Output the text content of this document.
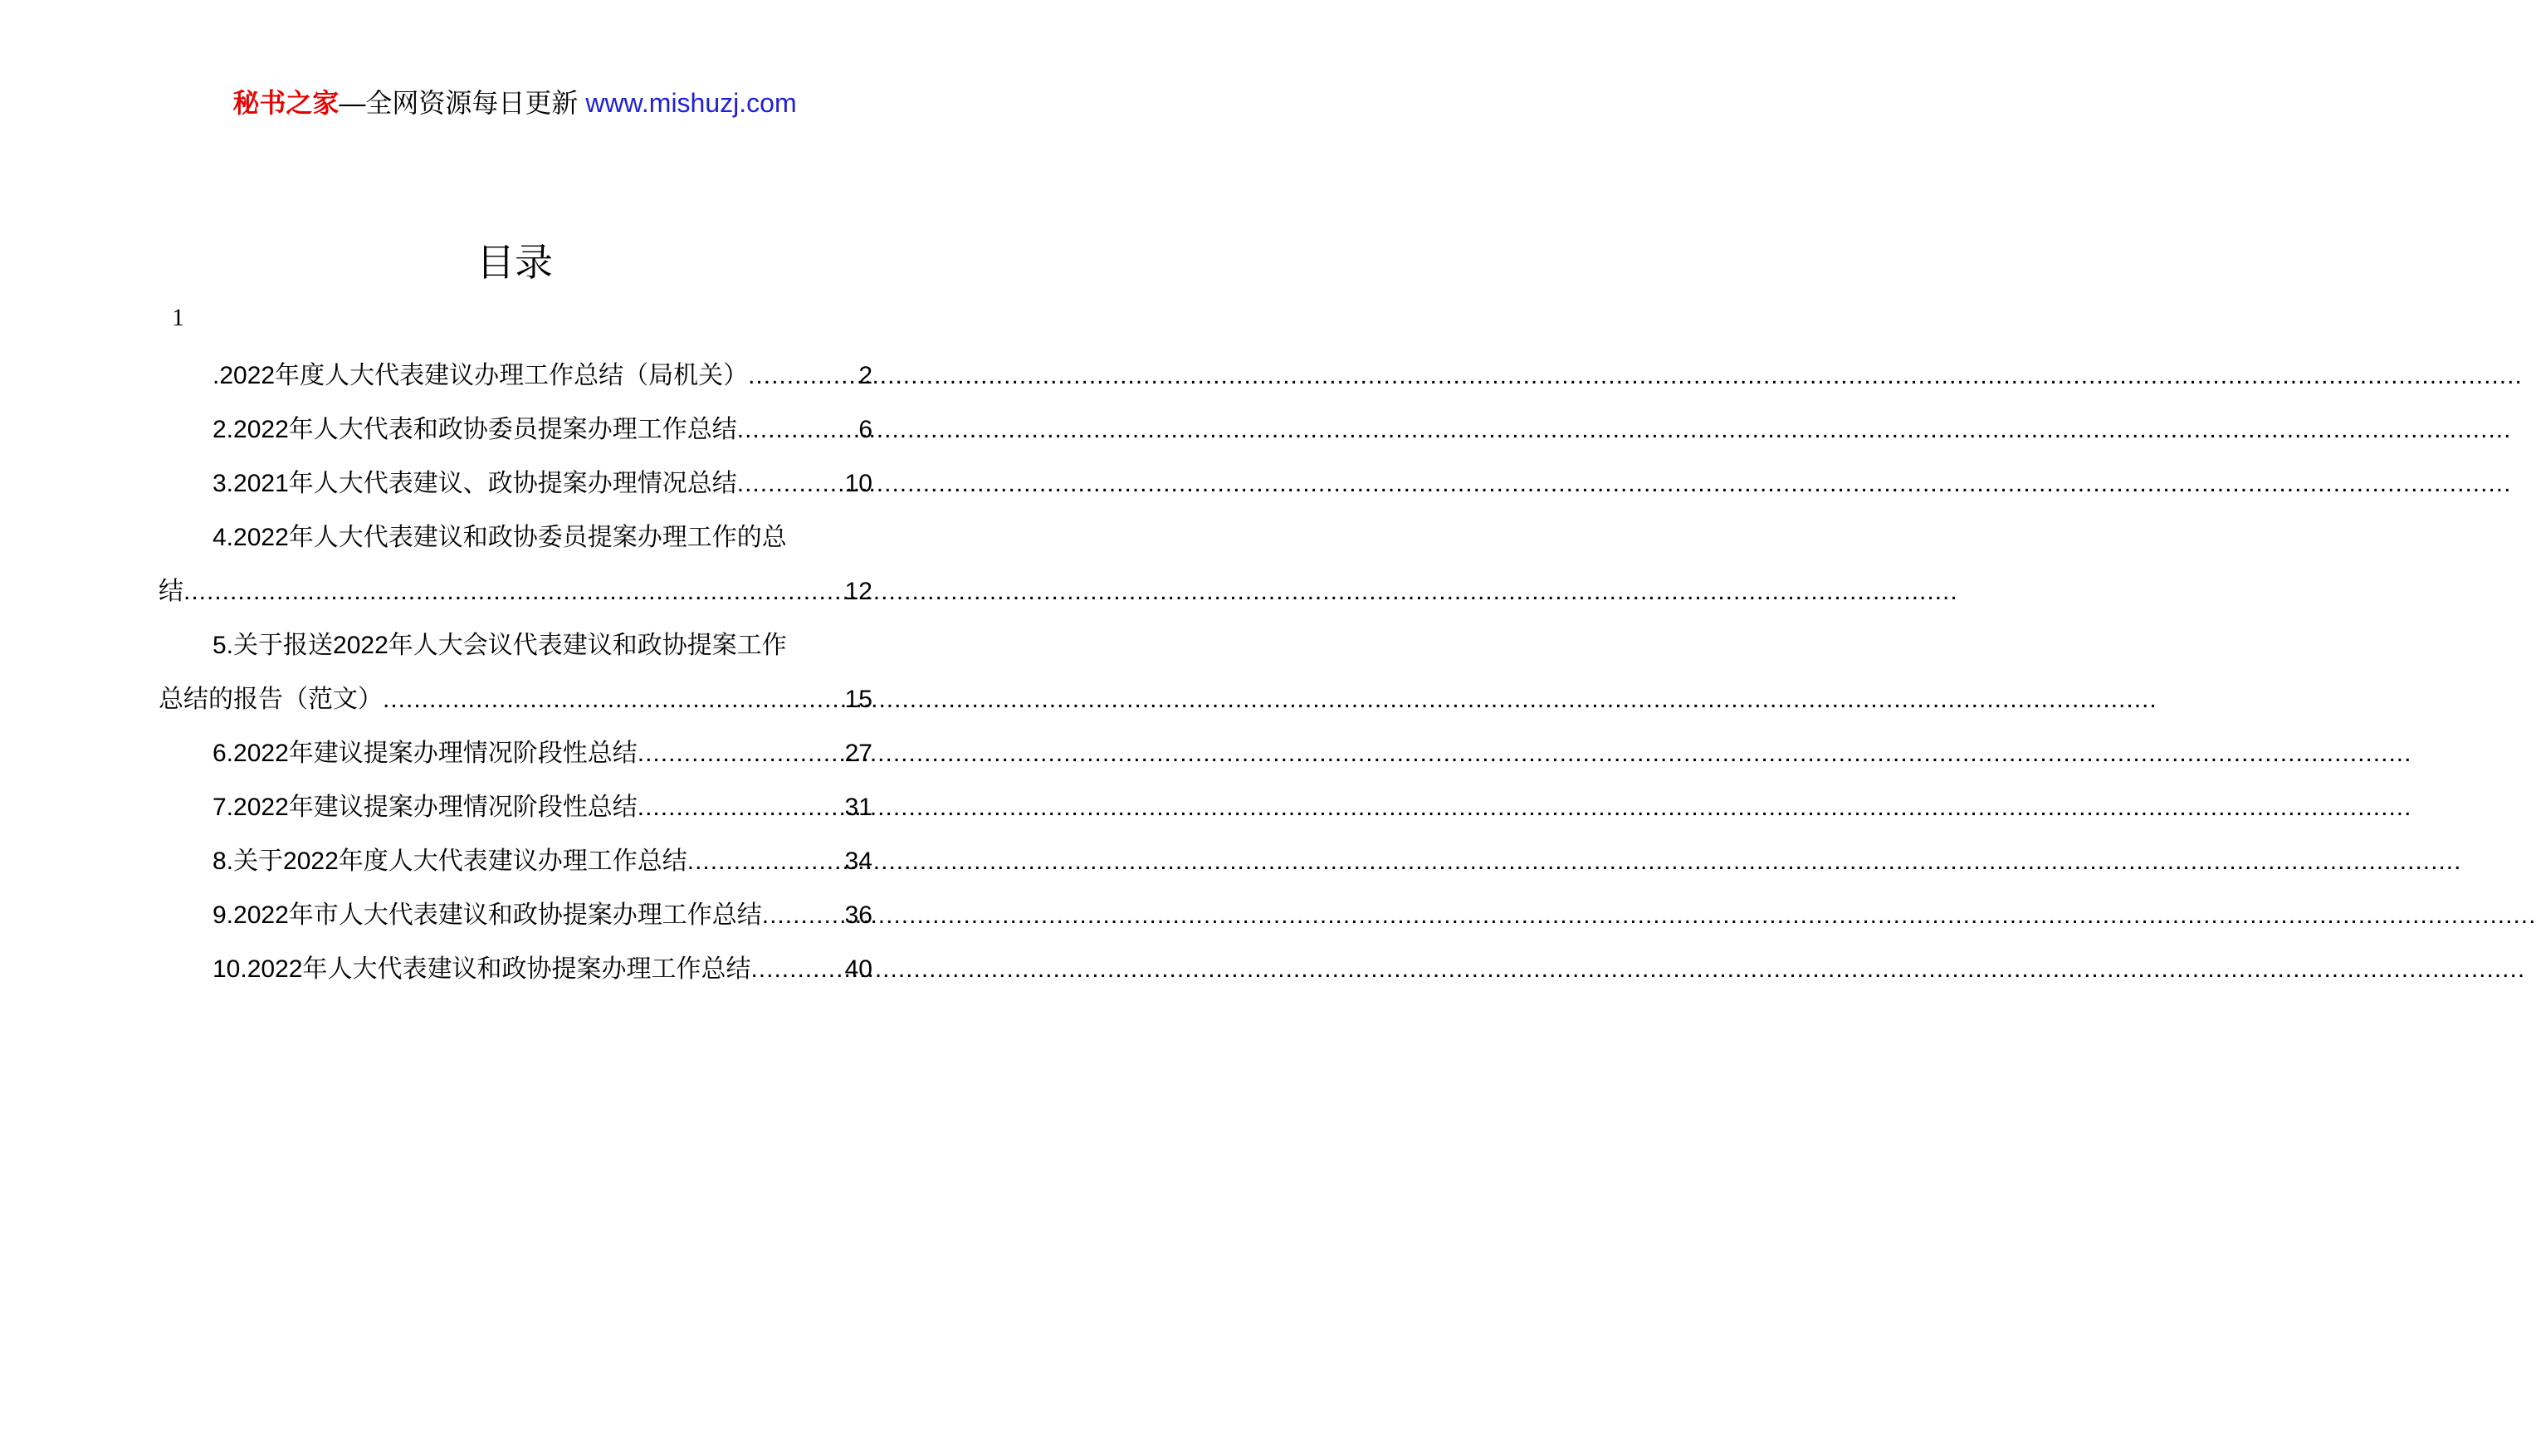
秘书之家—全网资源每日更新 www.mishuzj.com
目录
1
.2022年度人大代表建议办理工作总结（局机关） .....	2
2.2022年人大代表和政协委员提案办理工作总结 .....	6
3.2021年人大代表建议、政协提案办理情况总结 .....	10
4.2022年人大代表建议和政协委员提案办理工作的总
结 .....	12
5.关于报送2022年人大会议代表建议和政协提案工作
总结的报告（范文） .....	15
6.2022年建议提案办理情况阶段性总结 .....	27
7.2022年建议提案办理情况阶段性总结 .....	31
8.关于2022年度人大代表建议办理工作总结 .....	34
9.2022年市人大代表建议和政协提案办理工作总结 .....	36
10.2022年人大代表建议和政协提案办理工作总结 .....	40
